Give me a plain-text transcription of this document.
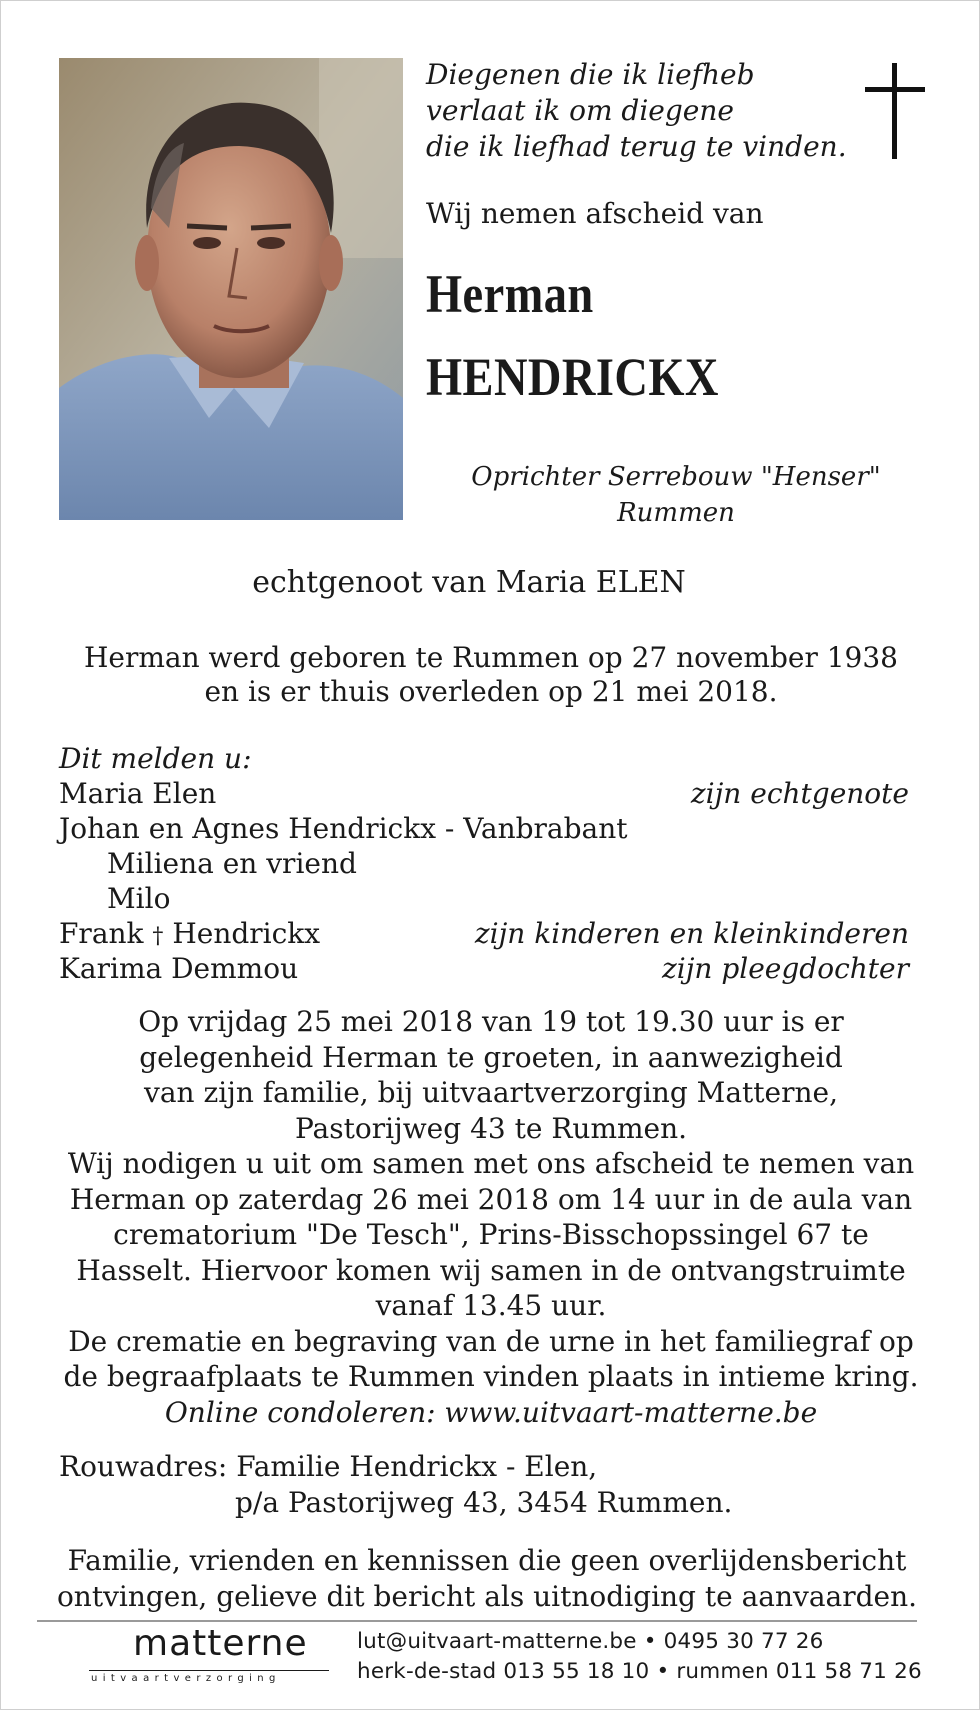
Diegenen die ik liefheb
verlaat ik om diegene
die ik liefhad terug te vinden.
Wij nemen afscheid van
Herman
HENDRICKX
Oprichter Serrebouw "Henser"
Rummen
echtgenoot van Maria ELEN
Herman werd geboren te Rummen op 27 november 1938
en is er thuis overleden op 21 mei 2018.
Dit melden u:
Maria Elen	zijn echtgenote
Johan en Agnes Hendrickx - Vanbrabant
Miliena en vriend
Milo
Frank † Hendrickx	zijn kinderen en kleinkinderen
Karima Demmou	zijn pleegdochter
Op vrijdag 25 mei 2018 van 19 tot 19.30 uur is er
gelegenheid Herman te groeten, in aanwezigheid
van zijn familie, bij uitvaartverzorging Matterne,
Pastorijweg 43 te Rummen.
Wij nodigen u uit om samen met ons afscheid te nemen van
Herman op zaterdag 26 mei 2018 om 14 uur in de aula van
crematorium "De Tesch", Prins-Bisschopssingel 67 te
Hasselt. Hiervoor komen wij samen in de ontvangstruimte
vanaf 13.45 uur.
De crematie en begraving van de urne in het familiegraf op
de begraafplaats te Rummen vinden plaats in intieme kring.
Online condoleren: www.uitvaart-matterne.be
Rouwadres: Familie Hendrickx - Elen,
p/a Pastorijweg 43, 3454 Rummen.
Familie, vrienden en kennissen die geen overlijdensbericht
ontvingen, gelieve dit bericht als uitnodiging te aanvaarden.
matterne
uitvaartverzorging
lut@uitvaart-matterne.be • 0495 30 77 26
herk-de-stad 013 55 18 10 • rummen 011 58 71 26
